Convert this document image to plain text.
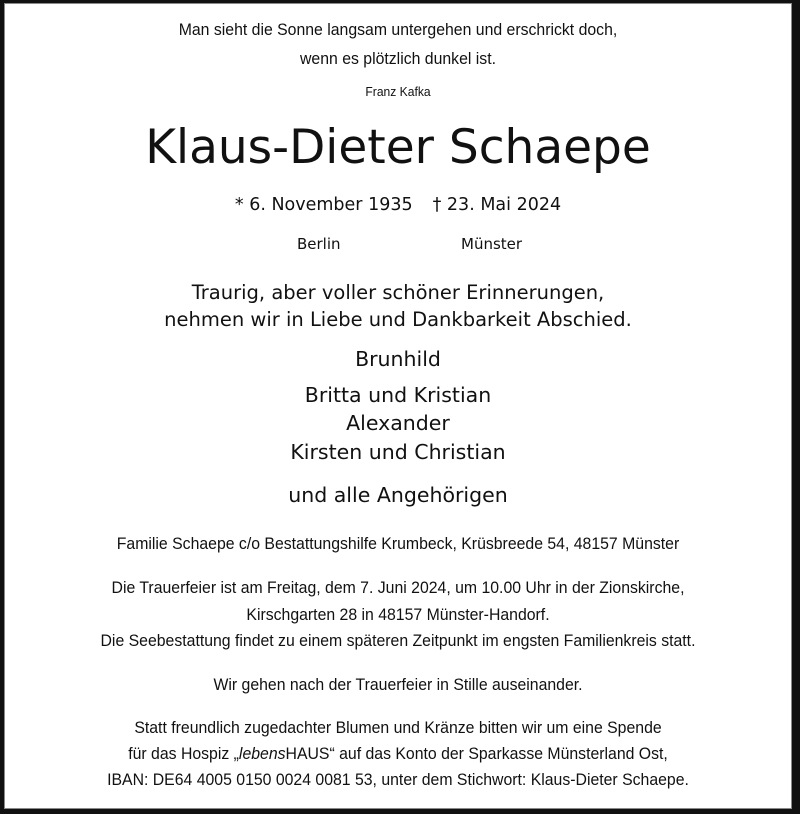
Man sieht die Sonne langsam untergehen und erschrickt doch,
wenn es plötzlich dunkel ist.
Franz Kafka
Klaus-Dieter Schaepe
* 6. November 1935 † 23. Mai 2024
Berlin	Münster
Traurig, aber voller schöner Erinnerungen,
nehmen wir in Liebe und Dankbarkeit Abschied.
Brunhild
Britta und Kristian
Alexander
Kirsten und Christian
und alle Angehörigen
Familie Schaepe c/o Bestattungshilfe Krumbeck, Krüsbreede 54, 48157 Münster
Die Trauerfeier ist am Freitag, dem 7. Juni 2024, um 10.00 Uhr in der Zionskirche,
Kirschgarten 28 in 48157 Münster-Handorf.
Die Seebestattung findet zu einem späteren Zeitpunkt im engsten Familienkreis statt.
Wir gehen nach der Trauerfeier in Stille auseinander.
Statt freundlich zugedachter Blumen und Kränze bitten wir um eine Spende
für das Hospiz „lebensHAUS“ auf das Konto der Sparkasse Münsterland Ost,
IBAN: DE64 4005 0150 0024 0081 53, unter dem Stichwort: Klaus-Dieter Schaepe.
